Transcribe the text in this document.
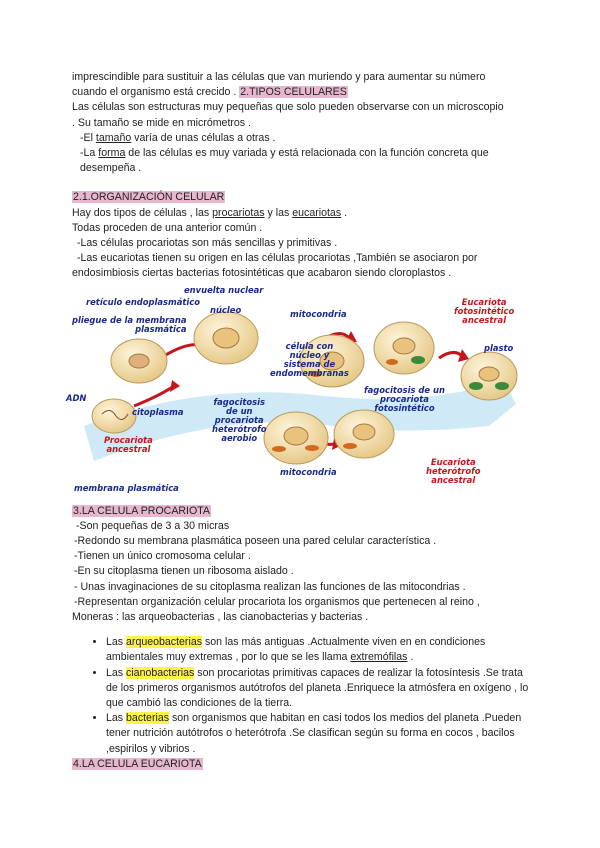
imprescindible para sustituir a las células que van muriendo y para aumentar su número
cuando el organismo está crecido . 2.TIPOS CELULARES
Las células son estructuras muy pequeñas que solo pueden observarse con un microscopio
. Su tamaño se mide en micrómetros .
-El tamaño varía de unas células a otras .
-La forma de las células es muy variada y está relacionada con la función concreta que
desempeña .
2.1.ORGANIZACIÓN CELULAR
Hay dos tipos de células , las procariotas y las eucariotas .
Todas proceden de una anterior común .
-Las células procariotas son más sencillas y primitivas .
-Las eucariotas tienen su origen en las células procariotas ,También se asociaron por
endosimbiosis ciertas bacterias fotosintéticas que acabaron siendo cloroplastos .
envuelta nuclear
retículo endoplasmático
núcleo
pliegue de la membrana
plasmática
mitocondria
Eucariota
fotosintético
ancestral
plasto
célula con
núcleo y
sistema de
endomembranas
fagocitosis de un
procariota
fotosintético
ADN
citoplasma
fagocitosis
de un
procariota
heterótrofo
aerobio
Procariota
ancestral
mitocondria
Eucariota
heterótrofo
ancestral
membrana plasmática
3.LA CELULA PROCARIOTA
-Son pequeñas de 3 a 30 micras
-Redondo su membrana plasmática poseen una pared celular característica .
-Tienen un único cromosoma celular .
-En su citoplasma tienen un ribosoma aislado .
- Unas invaginaciones de su citoplasma realizan las funciones de las mitocondrias .
-Representan organización celular procariota los organismos que pertenecen al reino ,
Moneras : las arqueobacterias , las cianobacterias y bacterias .
• Las arqueobacterias son las más antiguas .Actualmente viven en en condiciones ambientales muy extremas , por lo que se les llama extremófilas .
• Las cianobacterias son procariotas primitivas capaces de realizar la fotosíntesis .Se trata de los primeros organismos autótrofos del planeta .Enriquece la atmósfera en oxígeno , lo que cambió las condiciones de la tierra.
• Las bacterias son organismos que habitan en casi todos los medios del planeta .Pueden tener nutrición autótrofos o heterótrofa .Se clasifican según su forma en cocos , bacilos ,espirilos y vibrios .
4.LA CELULA EUCARIOTA
